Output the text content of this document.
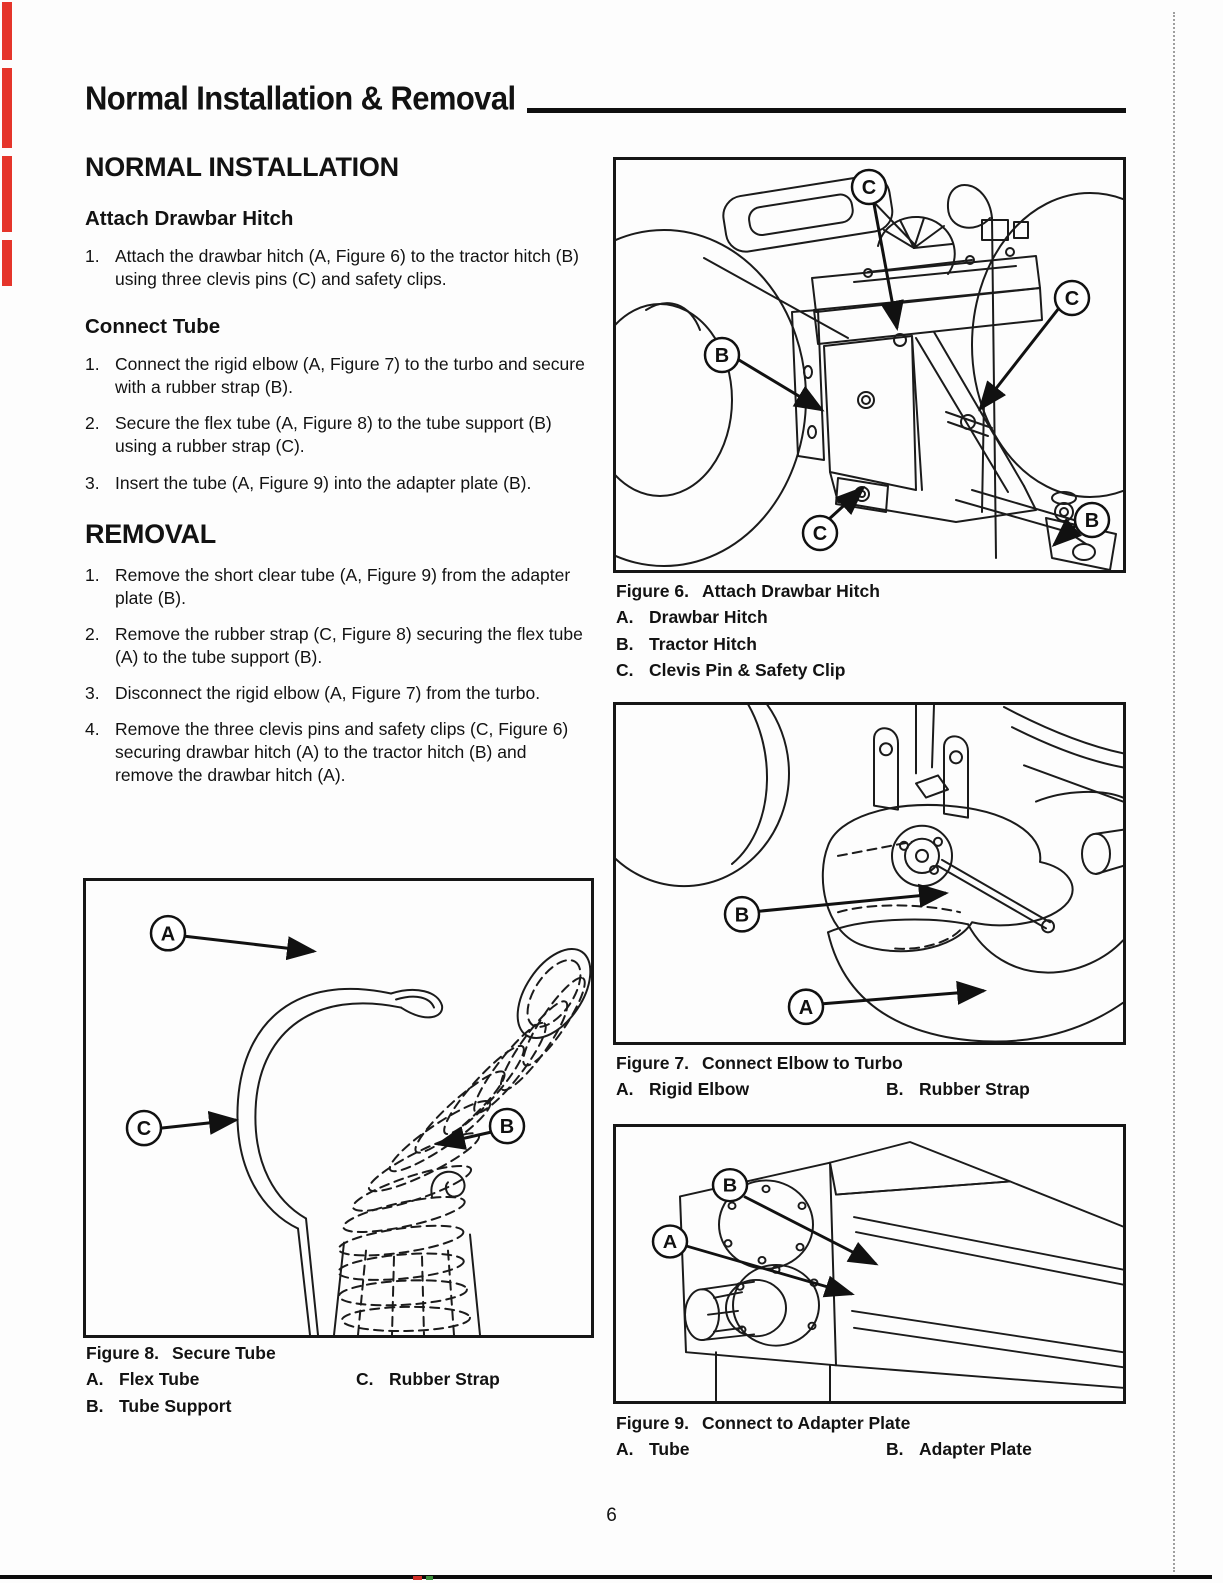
Normal Installation & Removal
NORMAL INSTALLATION
Attach Drawbar Hitch
1. Attach the drawbar hitch (A, Figure 6) to the tractor hitch (B) using three clevis pins (C) and safety clips.
Connect Tube
1. Connect the rigid elbow (A, Figure 7) to the turbo and secure with a rubber strap (B).
2. Secure the flex tube (A, Figure 8) to the tube support (B) using a rubber strap (C).
3. Insert the tube (A, Figure 9) into the adapter plate (B).
REMOVAL
1. Remove the short clear tube (A, Figure 9) from the adapter plate (B).
2. Remove the rubber strap (C, Figure 8) securing the flex tube (A) to the tube support (B).
3. Disconnect the rigid elbow (A, Figure 7) from the turbo.
4. Remove the three clevis pins and safety clips (C, Figure 6) securing drawbar hitch (A) to the tractor hitch (B) and remove the drawbar hitch (A).
C
C
B
C
B
Figure 6. Attach Drawbar Hitch
A. Drawbar Hitch
B. Tractor Hitch
C. Clevis Pin & Safety Clip
B
A
Figure 7. Connect Elbow to Turbo
A. Rigid Elbow	B. Rubber Strap
A
C	B
Figure 8. Secure Tube
A. Flex Tube	C. Rubber Strap
B. Tube Support
B
A
Figure 9. Connect to Adapter Plate
A. Tube	B. Adapter Plate
6
